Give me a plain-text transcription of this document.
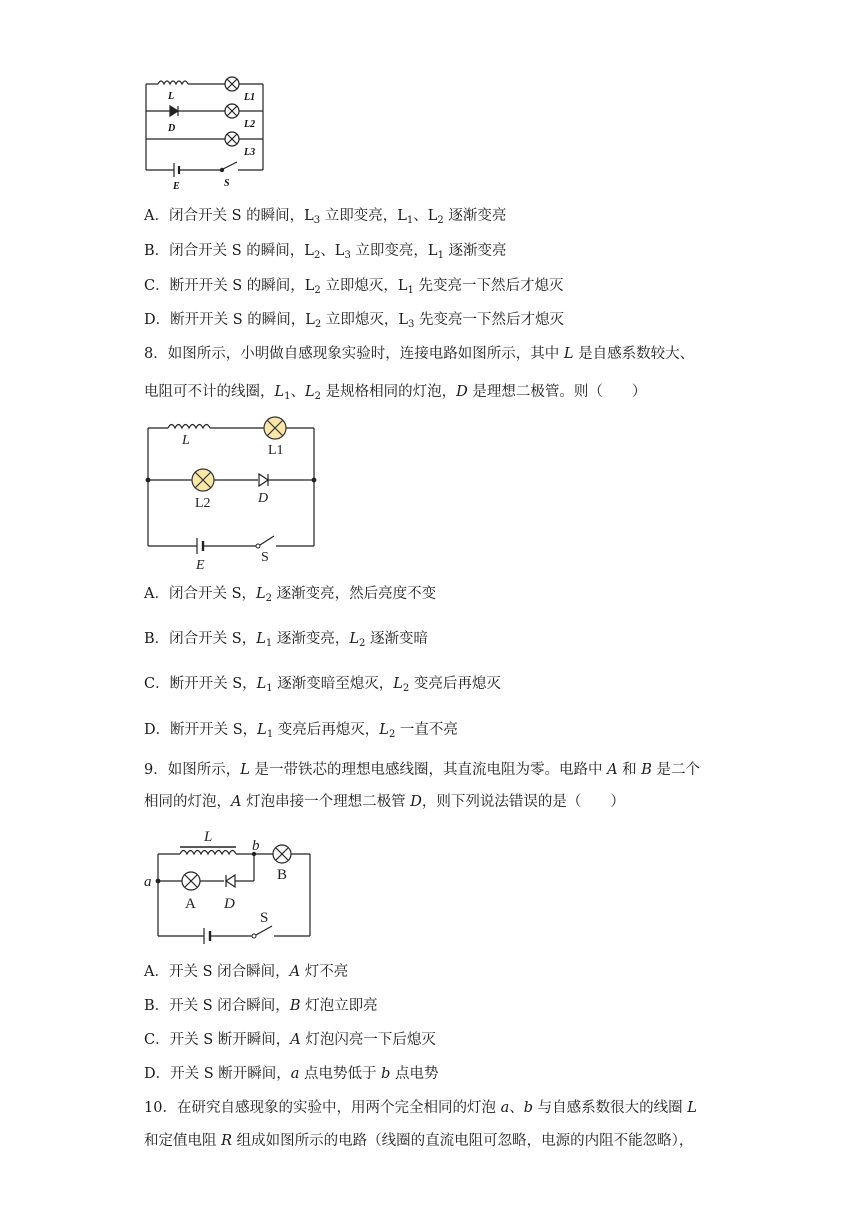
L
D
L1
L2
L3
E	S
A．闭合开关 S 的瞬间，$L_3$ 立即变亮，$L_1$、$L_2$ 逐渐变亮
B．闭合开关 S 的瞬间，$L_2$、$L_3$ 立即变亮，$L_1$ 逐渐变亮
C．断开开关 S 的瞬间，$L_2$ 立即熄灭，$L_1$ 先变亮一下然后才熄灭
D．断开开关 S 的瞬间，$L_2$ 立即熄灭，$L_3$ 先变亮一下然后才熄灭
8．如图所示，小明做自感现象实验时，连接电路如图所示，其中 L 是自感系数较大、
电阻可不计的线圈，$L_1$、$L_2$ 是规格相同的灯泡，D 是理想二极管。则（　　）
L
L1
L2	D
E
S
A．闭合开关 S，$L_2$ 逐渐变亮，然后亮度不变
B．闭合开关 S，$L_1$ 逐渐变亮，$L_2$ 逐渐变暗
C．断开开关 S，$L_1$ 逐渐变暗至熄灭，$L_2$ 变亮后再熄灭
D．断开开关 S，$L_1$ 变亮后再熄灭，$L_2$ 一直不亮
9．如图所示，L 是一带铁芯的理想电感线圈，其直流电阻为零。电路中 A 和 B 是二个
相同的灯泡，A 灯泡串接一个理想二极管 D，则下列说法错误的是（　　）
L
b
a
A D
B
S
A．开关 S 闭合瞬间，A 灯不亮
B．开关 S 闭合瞬间，B 灯泡立即亮
C．开关 S 断开瞬间，A 灯泡闪亮一下后熄灭
D．开关 S 断开瞬间，a 点电势低于 b 点电势
10．在研究自感现象的实验中，用两个完全相同的灯泡 a、b 与自感系数很大的线圈 L
和定值电阻 R 组成如图所示的电路（线圈的直流电阻可忽略，电源的内阻不能忽略），
